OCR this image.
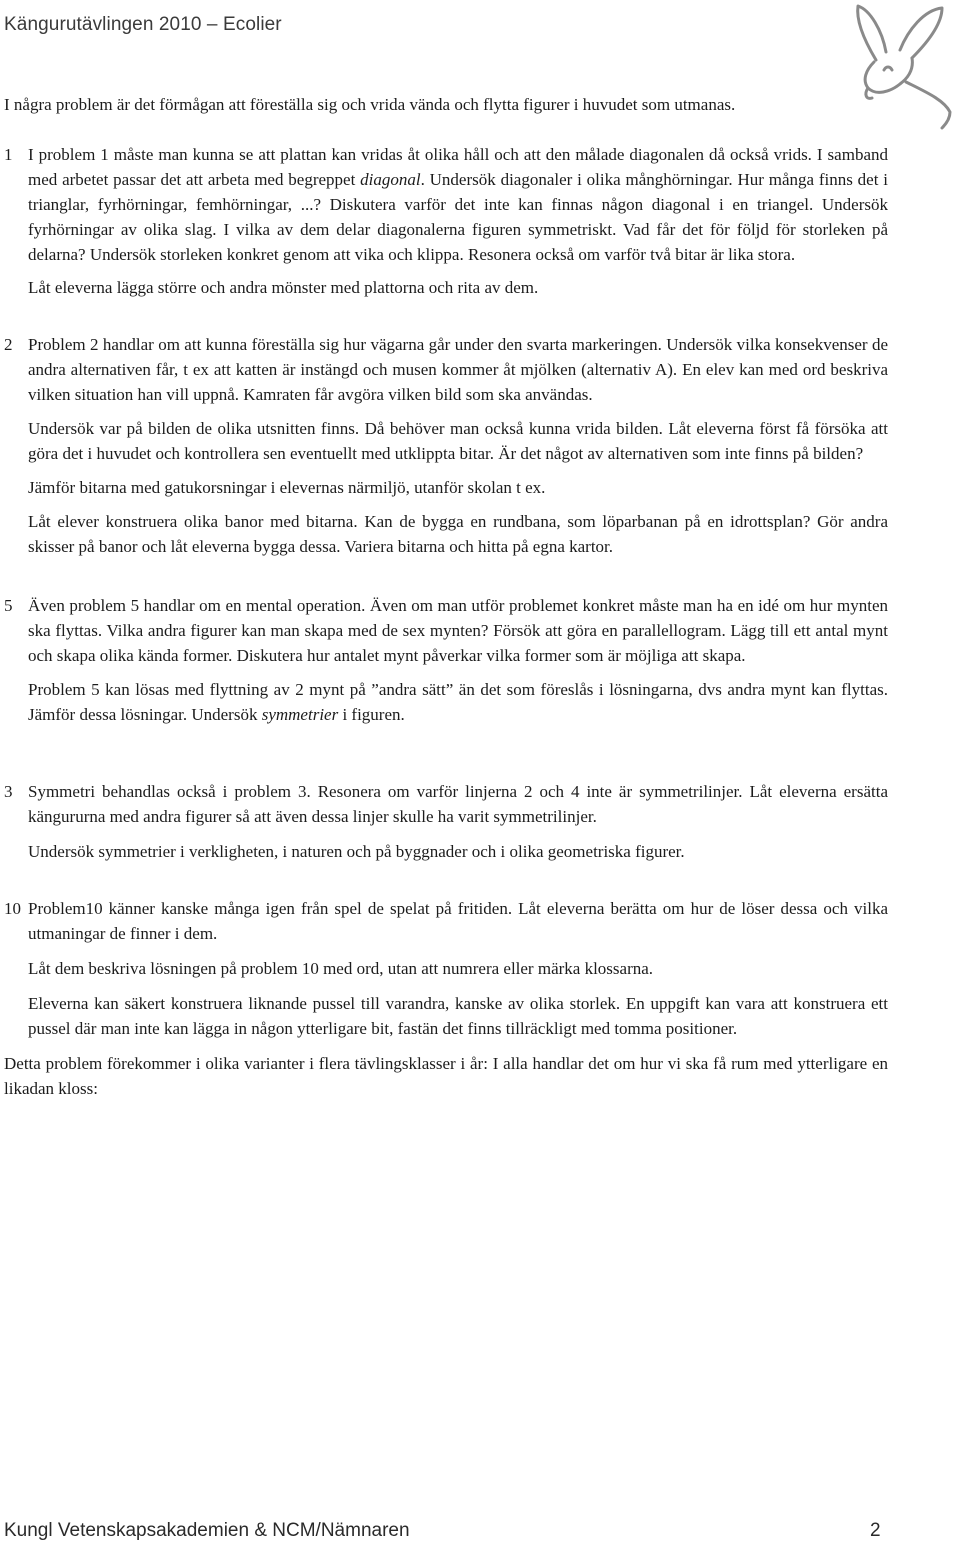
Kängurutävlingen 2010 – Ecolier

I några problem är det förmågan att föreställa sig och vrida vända och flytta figurer i huvudet som utmanas.

1 I problem 1 måste man kunna se att plattan kan vridas åt olika håll och att den målade diagonalen då också vrids. I samband med arbetet passar det att arbeta med begreppet diagonal. Undersök diagonaler i olika månghörningar. Hur många finns det i trianglar, fyrhörningar, femhörningar, ...? Diskutera varför det inte kan finnas någon diagonal i en triangel. Undersök fyrhörningar av olika slag. I vilka av dem delar diagonalerna figuren symmetriskt. Vad får det för följd för storleken på delarna? Undersök storleken konkret genom att vika och klippa. Resonera också om varför två bitar är lika stora.

Låt eleverna lägga större och andra mönster med plattorna och rita av dem.

2 Problem 2 handlar om att kunna föreställa sig hur vägarna går under den svarta markeringen. Undersök vilka konsekvenser de andra alternativen får, t ex att katten är instängd och musen kommer åt mjölken (alternativ A). En elev kan med ord beskriva vilken situation han vill uppnå. Kamraten får avgöra vilken bild som ska användas.

Undersök var på bilden de olika utsnitten finns. Då behöver man också kunna vrida bilden. Låt eleverna först få försöka att göra det i huvudet och kontrollera sen eventuellt med utklippta bitar. Är det något av alternativen som inte finns på bilden?

Jämför bitarna med gatukorsningar i elevernas närmiljö, utanför skolan t ex.

Låt elever konstruera olika banor med bitarna. Kan de bygga en rundbana, som löparbanan på en idrottsplan? Gör andra skisser på banor och låt eleverna bygga dessa. Variera bitarna och hitta på egna kartor.

5 Även problem 5 handlar om en mental operation. Även om man utför problemet konkret måste man ha en idé om hur mynten ska flyttas. Vilka andra figurer kan man skapa med de sex mynten? Försök att göra en parallellogram. Lägg till ett antal mynt och skapa olika kända former. Diskutera hur antalet mynt påverkar vilka former som är möjliga att skapa.

Problem 5 kan lösas med flyttning av 2 mynt på ”andra sätt” än det som föreslås i lösningarna, dvs andra mynt kan flyttas. Jämför dessa lösningar. Undersök symmetrier i figuren.

3 Symmetri behandlas också i problem 3. Resonera om varför linjerna 2 och 4 inte är symmetrilinjer. Låt eleverna ersätta kängururna med andra figurer så att även dessa linjer skulle ha varit symmetrilinjer.

Undersök symmetrier i verkligheten, i naturen och på byggnader och i olika geometriska figurer.

10 Problem10 känner kanske många igen från spel de spelat på fritiden. Låt eleverna berätta om hur de löser dessa och vilka utmaningar de finner i dem.

Låt dem beskriva lösningen på problem 10 med ord, utan att numrera eller märka klossarna.

Eleverna kan säkert konstruera liknande pussel till varandra, kanske av olika storlek. En uppgift kan vara att konstruera ett pussel där man inte kan lägga in någon ytterligare bit, fastän det finns tillräckligt med tomma positioner.

Detta problem förekommer i olika varianter i flera tävlingsklasser i år: I alla handlar det om hur vi ska få rum med ytterligare en likadan kloss:

Kungl Vetenskapsakademien & NCM/Nämnaren	2
